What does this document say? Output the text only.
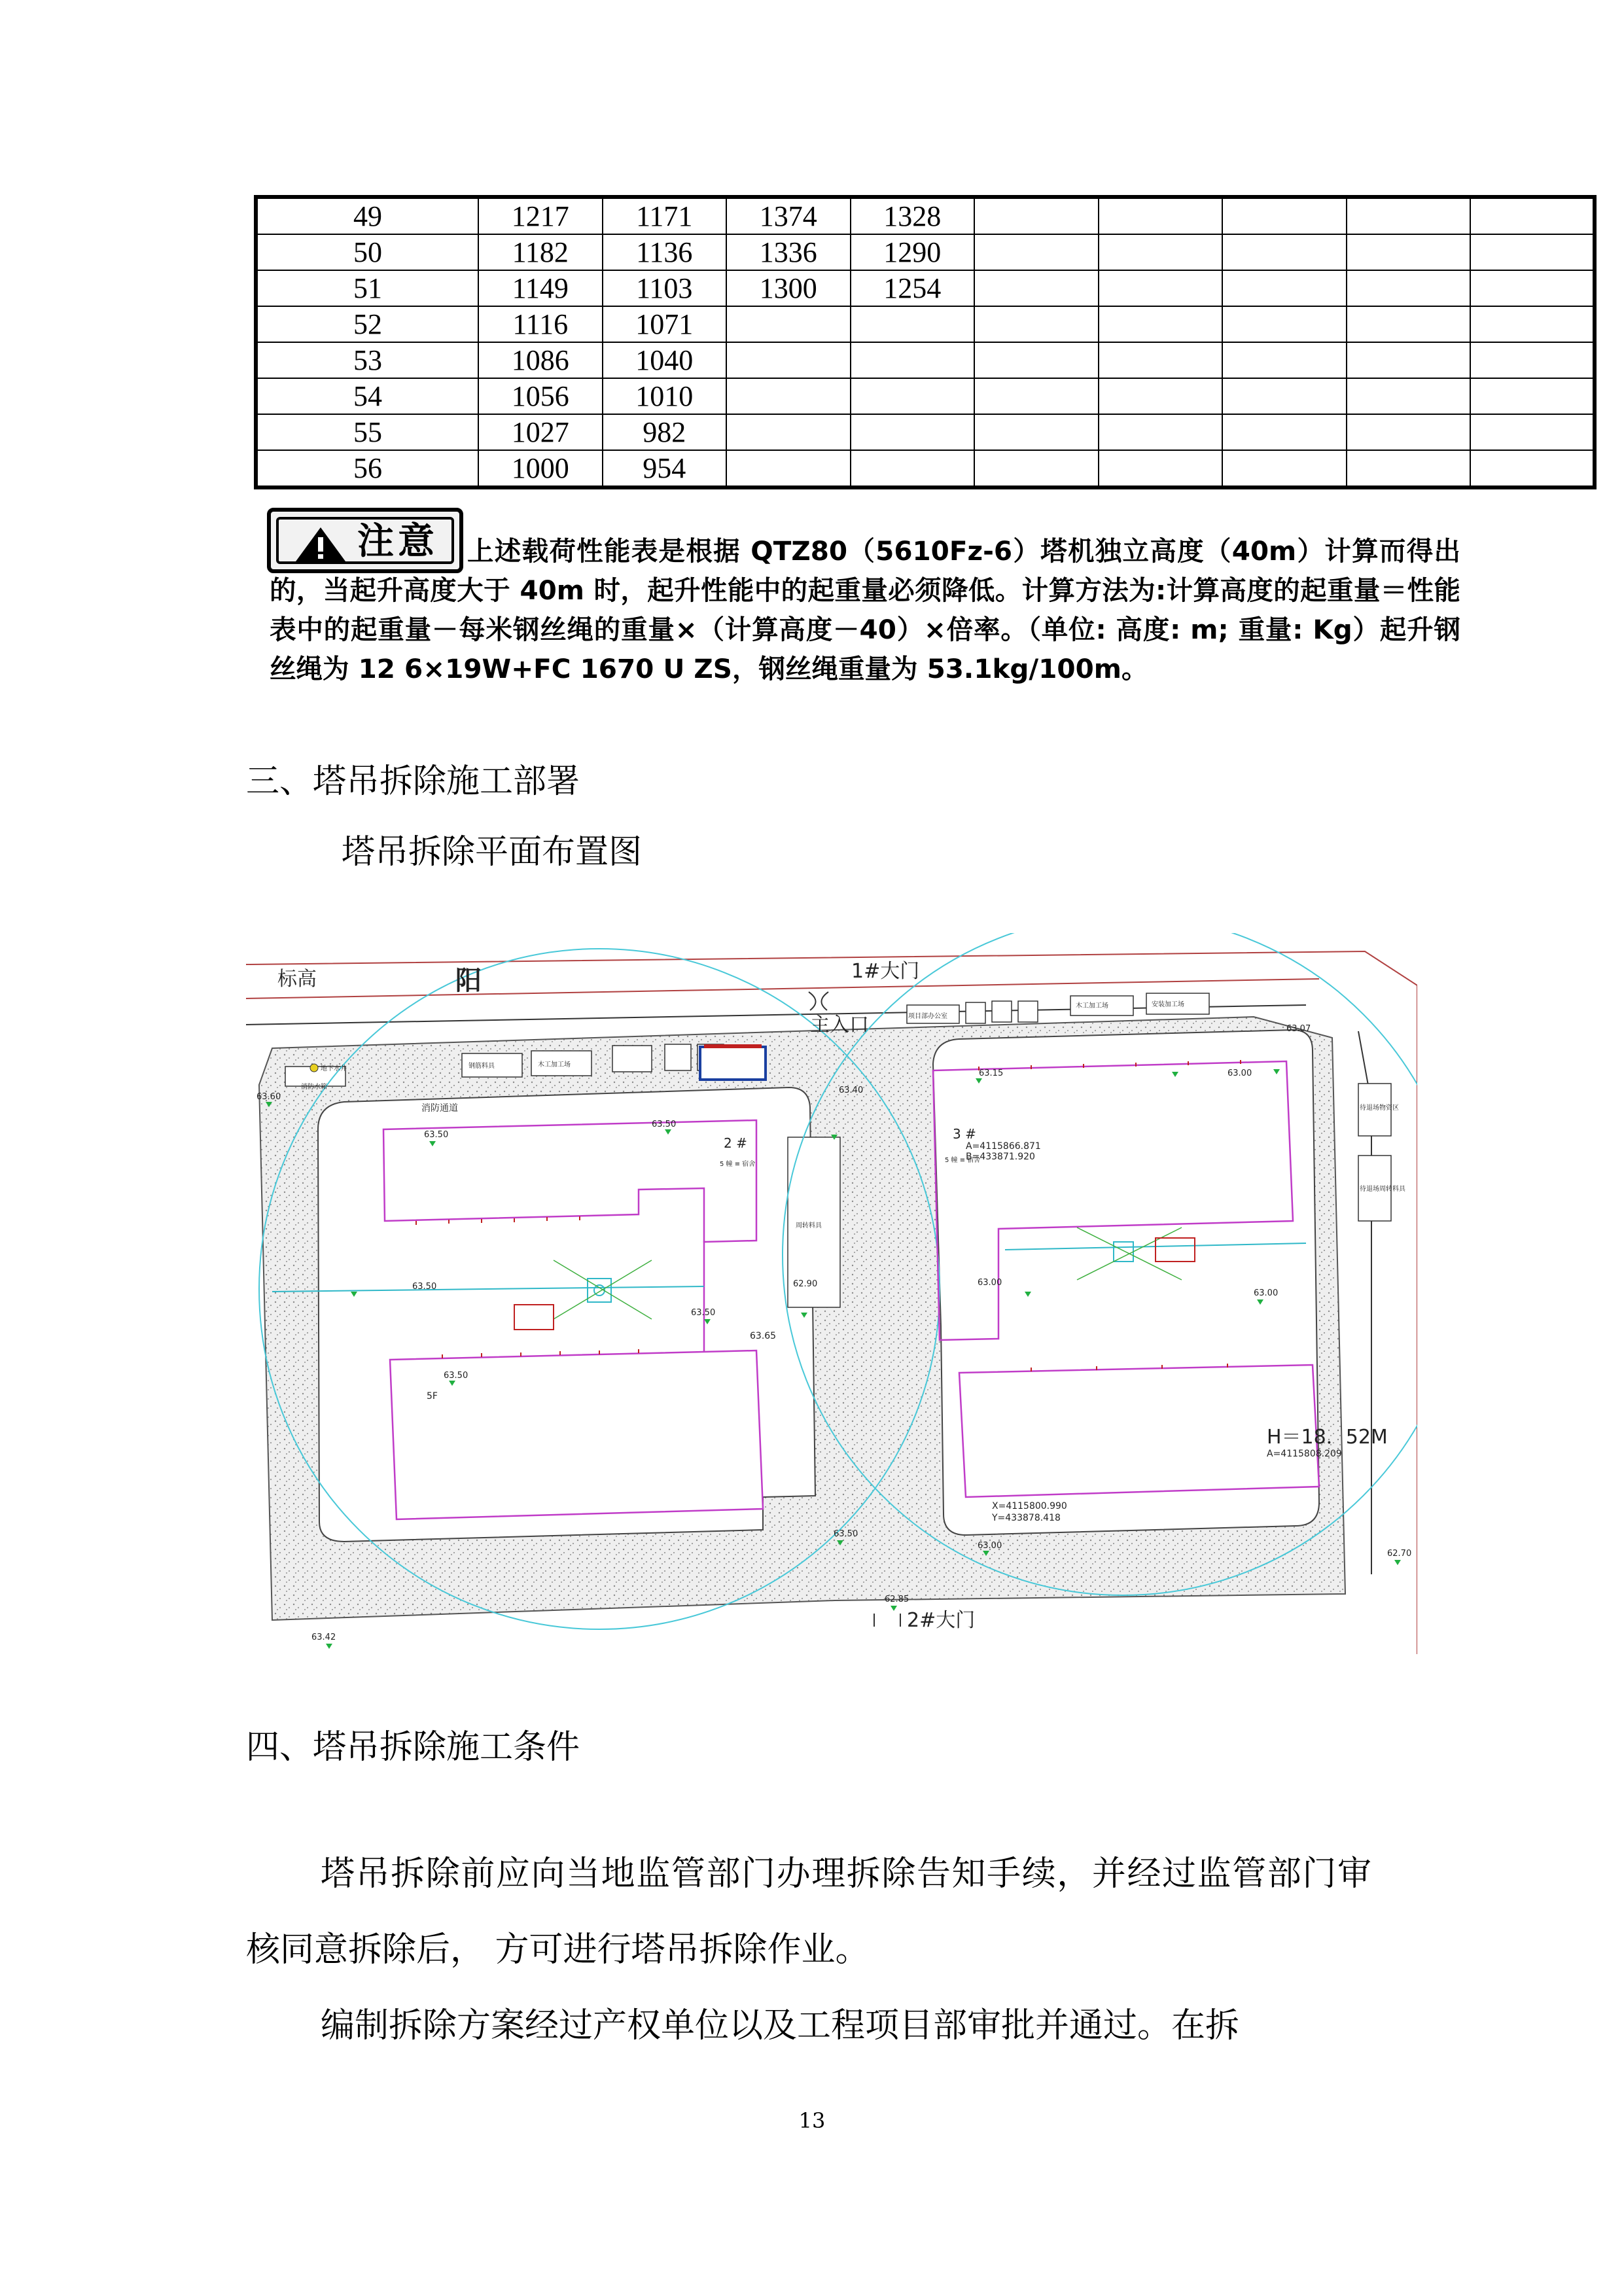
49	1217	1171	1374	1328					
50	1182	1136	1336	1290					
51	1149	1103	1300	1254					
52	1116	1071							
53	1086	1040							
54	1056	1010							
55	1027	982							
56	1000	954							
注意	上述载荷性能表是根据 QTZ80（5610Fz-6）塔机独立高度（40m）计算而得出的，当起升高度大于 40m 时，起升性能中的起重量必须降低。计算方法为:计算高度的起重量＝性能表中的起重量－每米钢丝绳的重量×（计算高度－40）×倍率。（单位: 高度: m; 重量: Kg）起升钢丝绳为 12 6×19W+FC 1670 U ZS，钢丝绳重量为 53.1kg/100m。

三、塔吊拆除施工部署
塔吊拆除平面布置图
标高	阳	1#大门
主入口
2#大门
H＝18．52M
2 #
3 #
5 幢 ≡ 宿舍
5 幢 ≡ 宿舍
消防通道
63.65
A=4115866.871
B=433871.920
A=4115808.209
X=4115800.990
Y=433878.418
5F
地下水井
消防水箱
钢筋料具	木工加工场
木工加工场	安装加工场
项目部办公室
周转料具
待退场物资区
待退场周转料具
63.40
63.50
63.50
63.50
63.50
63.50
63.50
62.90	63.00
63.00
63.00
63.00
63.15
63.60
63.42
62.85
62.70
63.07
四、塔吊拆除施工条件

塔吊拆除前应向当地监管部门办理拆除告知手续，并经过监管部门审核同意拆除后， 方可进行塔吊拆除作业。

编制拆除方案经过产权单位以及工程项目部审批并通过。在拆

13
